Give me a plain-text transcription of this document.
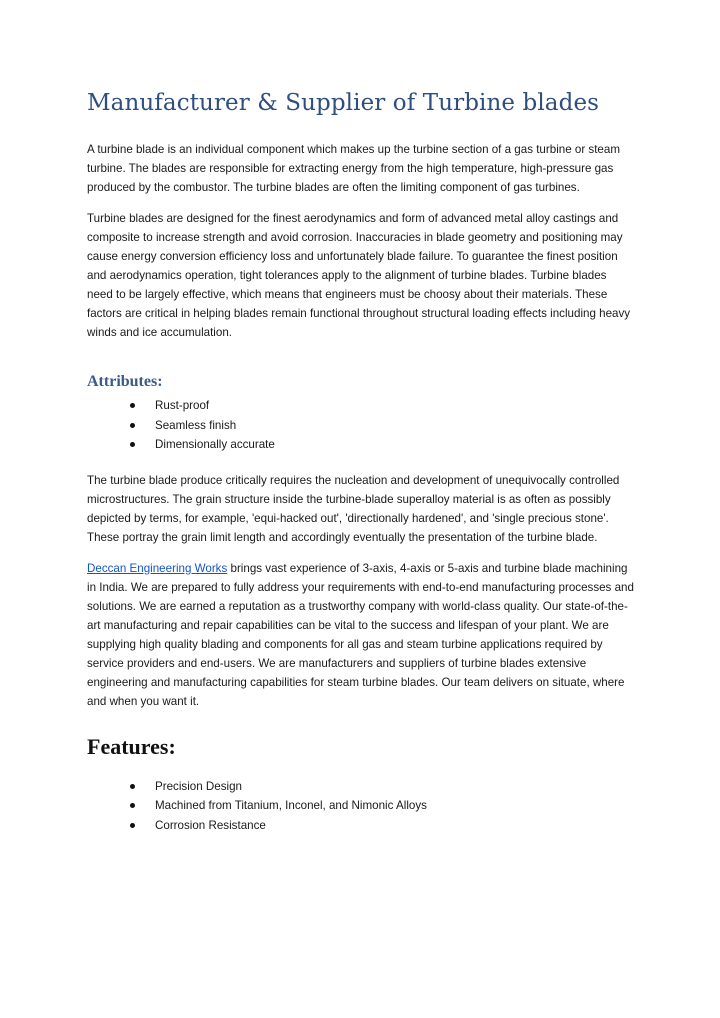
Manufacturer & Supplier of Turbine blades

A turbine blade is an individual component which makes up the turbine section of a gas turbine or steam turbine. The blades are responsible for extracting energy from the high temperature, high-pressure gas produced by the combustor. The turbine blades are often the limiting component of gas turbines.

Turbine blades are designed for the finest aerodynamics and form of advanced metal alloy castings and composite to increase strength and avoid corrosion. Inaccuracies in blade geometry and positioning may cause energy conversion efficiency loss and unfortunately blade failure. To guarantee the finest position and aerodynamics operation, tight tolerances apply to the alignment of turbine blades. Turbine blades need to be largely effective, which means that engineers must be choosy about their materials. These factors are critical in helping blades remain functional throughout structural loading effects including heavy winds and ice accumulation.

Attributes:
Rust-proof
Seamless finish
Dimensionally accurate

The turbine blade produce critically requires the nucleation and development of unequivocally controlled microstructures. The grain structure inside the turbine-blade superalloy material is as often as possibly depicted by terms, for example, 'equi-hacked out', 'directionally hardened', and 'single precious stone'. These portray the grain limit length and accordingly eventually the presentation of the turbine blade.

Deccan Engineering Works brings vast experience of 3-axis, 4-axis or 5-axis and turbine blade machining in India. We are prepared to fully address your requirements with end-to-end manufacturing processes and solutions. We are earned a reputation as a trustworthy company with world-class quality. Our state-of-the-art manufacturing and repair capabilities can be vital to the success and lifespan of your plant. We are supplying high quality blading and components for all gas and steam turbine applications required by service providers and end-users. We are manufacturers and suppliers of turbine blades extensive engineering and manufacturing capabilities for steam turbine blades. Our team delivers on situate, where and when you want it.

Features:
Precision Design
Machined from Titanium, Inconel, and Nimonic Alloys
Corrosion Resistance
